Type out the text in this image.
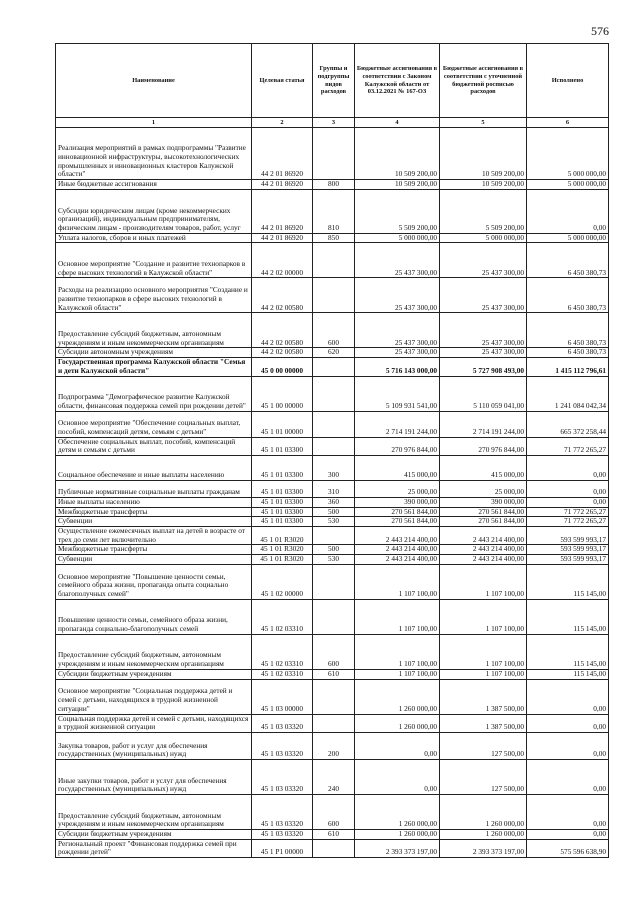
576
Наименование	Целевая статья	Группы и подгруппы видов расходов	Бюджетные ассигнования в соответствии с Законом Калужской области от 03.12.2021 № 167-ОЗ	Бюджетные ассигнования в соответствии с уточненной бюджетной росписью расходов	Исполнено
1	2	3	4	5	6
Реализация мероприятий в рамках подпрограммы "Развитие инновационной инфраструктуры, высокотехнологических промышленных и инновационных кластеров Калужской области"	44 2 01 86920		10 509 200,00	10 509 200,00	5 000 000,00
Иные бюджетные ассигнования	44 2 01 86920	800	10 509 200,00	10 509 200,00	5 000 000,00
Субсидии юридическим лицам (кроме некоммерческих организаций), индивидуальным предпринимателям, физическим лицам - производителям товаров, работ, услуг	44 2 01 86920	810	5 509 200,00	5 509 200,00	0,00
Уплата налогов, сборов и иных платежей	44 2 01 86920	850	5 000 000,00	5 000 000,00	5 000 000,00
Основное мероприятие "Создание и развитие технопарков в сфере высоких технологий в Калужской области"	44 2 02 00000		25 437 300,00	25 437 300,00	6 450 380,73
Расходы на реализацию основного мероприятия "Создание и развитие технопарков в сфере высоких технологий в Калужской области"	44 2 02 00580		25 437 300,00	25 437 300,00	6 450 380,73
Предоставление субсидий бюджетным, автономным учреждениям и иным некоммерческим организациям	44 2 02 00580	600	25 437 300,00	25 437 300,00	6 450 380,73
Субсидии автономным учреждениям	44 2 02 00580	620	25 437 300,00	25 437 300,00	6 450 380,73
Государственная программа Калужской области "Семья и дети Калужской области"	45 0 00 00000		5 716 143 000,00	5 727 908 493,00	1 415 112 796,61
Подпрограмма "Демографическое развитие Калужской области, финансовая поддержка семей при рождении детей"	45 1 00 00000		5 109 931 541,00	5 110 059 041,00	1 241 084 042,34
Основное мероприятие "Обеспечение социальных выплат, пособий, компенсаций детям, семьям с детьми"	45 1 01 00000		2 714 191 244,00	2 714 191 244,00	665 372 258,44
Обеспечение социальных выплат, пособий, компенсаций детям и семьям с детьми	45 1 01 03300		270 976 844,00	270 976 844,00	71 772 265,27
Социальное обеспечение и иные выплаты населению	45 1 01 03300	300	415 000,00	415 000,00	0,00
Публичные нормативные социальные выплаты гражданам	45 1 01 03300	310	25 000,00	25 000,00	0,00
Иные выплаты населению	45 1 01 03300	360	390 000,00	390 000,00	0,00
Межбюджетные трансферты	45 1 01 03300	500	270 561 844,00	270 561 844,00	71 772 265,27
Субвенции	45 1 01 03300	530	270 561 844,00	270 561 844,00	71 772 265,27
Осуществление ежемесячных выплат на детей в возрасте от трех до семи лет включительно	45 1 01 R3020		2 443 214 400,00	2 443 214 400,00	593 599 993,17
Межбюджетные трансферты	45 1 01 R3020	500	2 443 214 400,00	2 443 214 400,00	593 599 993,17
Субвенции	45 1 01 R3020	530	2 443 214 400,00	2 443 214 400,00	593 599 993,17
Основное мероприятие "Повышение ценности семьи, семейного образа жизни, пропаганда опыта социально благополучных семей"	45 1 02 00000		1 107 100,00	1 107 100,00	115 145,00
Повышение ценности семьи, семейного образа жизни, пропаганда социально-благополучных семей	45 1 02 03310		1 107 100,00	1 107 100,00	115 145,00
Предоставление субсидий бюджетным, автономным учреждениям и иным некоммерческим организациям	45 1 02 03310	600	1 107 100,00	1 107 100,00	115 145,00
Субсидии бюджетным учреждениям	45 1 02 03310	610	1 107 100,00	1 107 100,00	115 145,00
Основное мероприятие "Социальная поддержка детей и семей с детьми, находящихся в трудной жизненной ситуации"	45 1 03 00000		1 260 000,00	1 387 500,00	0,00
Социальная поддержка детей и семей с детьми, находящихся в трудной жизненной ситуации	45 1 03 03320		1 260 000,00	1 387 500,00	0,00
Закупка товаров, работ и услуг для обеспечения государственных (муниципальных) нужд	45 1 03 03320	200	0,00	127 500,00	0,00
Иные закупки товаров, работ и услуг для обеспечения государственных (муниципальных) нужд	45 1 03 03320	240	0,00	127 500,00	0,00
Предоставление субсидий бюджетным, автономным учреждениям и иным некоммерческим организациям	45 1 03 03320	600	1 260 000,00	1 260 000,00	0,00
Субсидии бюджетным учреждениям	45 1 03 03320	610	1 260 000,00	1 260 000,00	0,00
Региональный проект "Финансовая поддержка семей при рождении детей"	45 1 P1 00000		2 393 373 197,00	2 393 373 197,00	575 596 638,90
